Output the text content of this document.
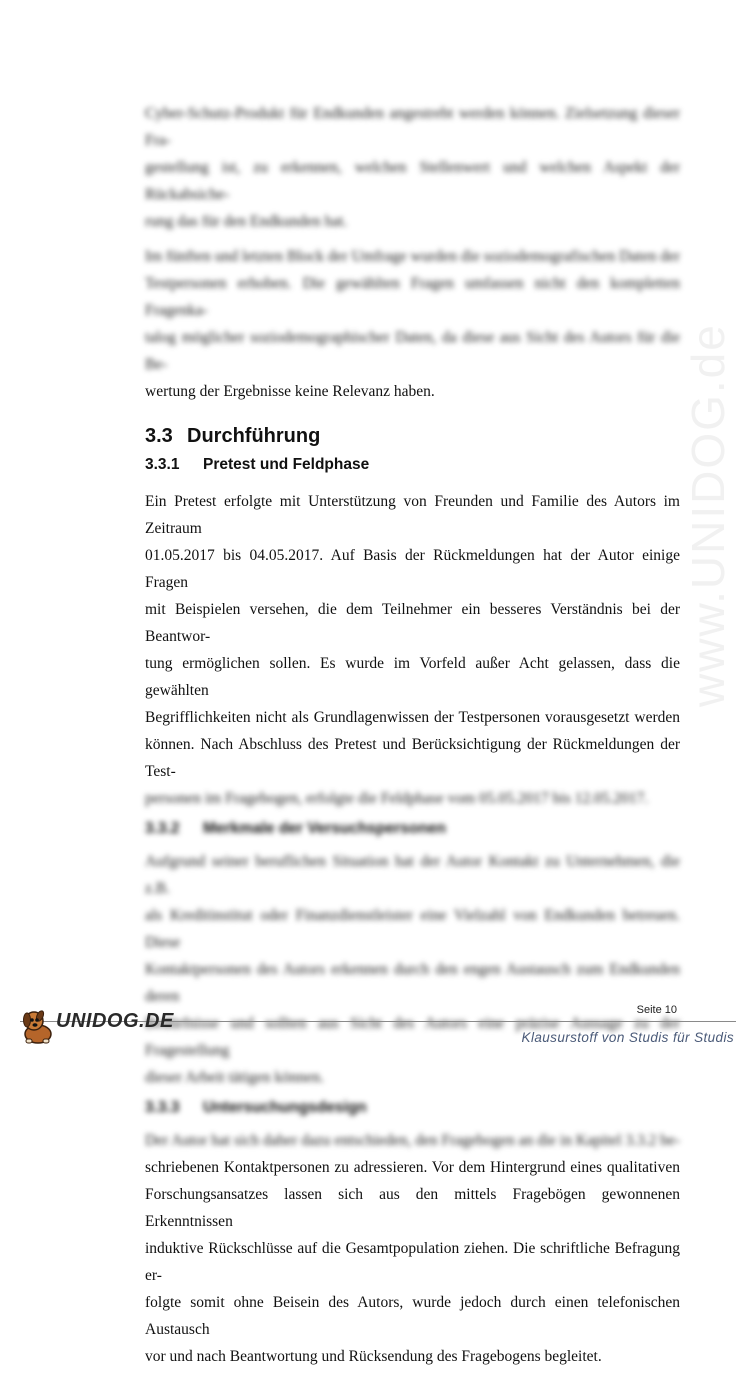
www.UNIDOG.de

Cyber-Schutz-Produkt für Endkunden angestrebt werden können. Zielsetzung dieser Fra-
gestellung ist, zu erkennen, welchen Stellenwert und welchen Aspekt der Rückabsiche-
rung das für den Endkunden hat.

Im fünften und letzten Block der Umfrage wurden die soziodemografischen Daten der
Testpersonen erhoben. Die gewählten Fragen umfassen nicht den kompletten Fragenka-
talog möglicher soziodemographischer Daten, da diese aus Sicht des Autors für die Be-
wertung der Ergebnisse keine Relevanz haben.

3.3 Durchführung
3.3.1 Pretest und Feldphase

Ein Pretest erfolgte mit Unterstützung von Freunden und Familie des Autors im Zeitraum
01.05.2017 bis 04.05.2017. Auf Basis der Rückmeldungen hat der Autor einige Fragen
mit Beispielen versehen, die dem Teilnehmer ein besseres Verständnis bei der Beantwor-
tung ermöglichen sollen. Es wurde im Vorfeld außer Acht gelassen, dass die gewählten
Begrifflichkeiten nicht als Grundlagenwissen der Testpersonen vorausgesetzt werden
können. Nach Abschluss des Pretest und Berücksichtigung der Rückmeldungen der Test-
personen im Fragebogen, erfolgte die Feldphase vom 05.05.2017 bis 12.05.2017.

3.3.2 Merkmale der Versuchspersonen

Aufgrund seiner beruflichen Situation hat der Autor Kontakt zu Unternehmen, die z.B.
als Kreditinstitut oder Finanzdienstleister eine Vielzahl von Endkunden betreuen. Diese
Kontaktpersonen des Autors erkennen durch den engen Austausch zum Endkunden deren
Bedürfnisse und sollten aus Sicht des Autors eine präzise Aussage zu der Fragestellung
dieser Arbeit tätigen können.

3.3.3 Untersuchungsdesign

Der Autor hat sich daher dazu entschieden, den Fragebogen an die in Kapitel 3.3.2 be-
schriebenen Kontaktpersonen zu adressieren. Vor dem Hintergrund eines qualitativen
Forschungsansatzes lassen sich aus den mittels Fragebögen gewonnenen Erkenntnissen
induktive Rückschlüsse auf die Gesamtpopulation ziehen. Die schriftliche Befragung er-
folgte somit ohne Beisein des Autors, wurde jedoch durch einen telefonischen Austausch
vor und nach Beantwortung und Rücksendung des Fragebogens begleitet.

Seite 10
UNIDOG.DE
Klausurstoff von Studis für Studis
